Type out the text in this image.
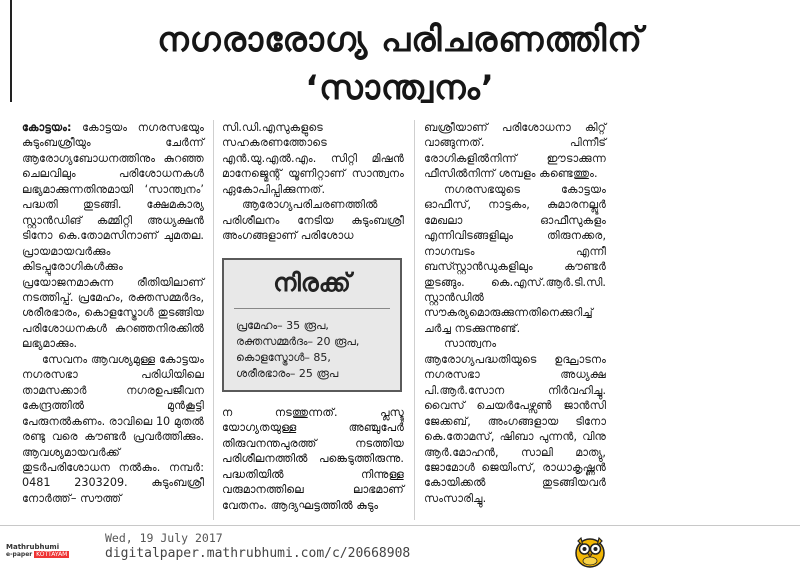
നഗരാരോഗ്യ പരിചരണത്തിന്
‘സാന്ത്വനം’

കോട്ടയം: കോട്ടയം നഗരസഭയും കുടുംബശ്രീയും ചേർന്ന് ആരോഗ്യബോധനത്തിനും കുറഞ്ഞ ചെലവിലും പരിശോധനകൾ ലഭ്യമാക്കുന്നതിനുമായി ‘സാന്ത്വനം’ പദ്ധതി തുടങ്ങി. ക്ഷേമകാര്യ സ്റ്റാൻഡിങ് കമ്മിറ്റി അധ്യക്ഷൻ ടിനോ കെ.തോമസിനാണ് ചുമതല. പ്രായമായവർക്കും കിടപ്പുരോഗികൾക്കും പ്രയോജനമാകുന്ന രീതിയിലാണ് നടത്തിപ്പ്. പ്രമേഹം, രക്തസമ്മർദം, ശരീരഭാരം, കൊളസ്ട്രോൾ തുടങ്ങിയ പരിശോധനകൾ കുറഞ്ഞനിരക്കിൽ ലഭ്യമാക്കും.

സേവനം ആവശ്യമുള്ള കോട്ടയം നഗരസഭാ പരിധിയിലെ താമസക്കാർ നഗരഉപജീവന കേന്ദ്രത്തിൽ മുൻകൂട്ടി പേരുനൽകണം. രാവിലെ 10 മുതൽ രണ്ടു വരെ കൗണ്ടർ പ്രവർത്തിക്കും. ആവശ്യമായവർക്ക് തുടർപരിശോധന നൽകും. നമ്പർ: 0481 2303209. കുടുംബശ്രീ നോർത്ത്– സൗത്ത്

സി.ഡി.എസുകളുടെ സഹകരണത്തോടെ എൻ.യു.എൽ.എം. സിറ്റി മിഷൻ മാനേജ്മെന്റ് യൂണിറ്റാണ് സാന്ത്വനം ഏകോപിപ്പിക്കുന്നത്.

ആരോഗ്യപരിചരണത്തിൽ പരിശീലനം നേടിയ കുടുംബശ്രീ അംഗങ്ങളാണ് പരിശോധ

നിരക്ക്
പ്രമേഹം– 35 രൂപ, രക്തസമ്മർദം– 20 രൂപ, കൊളസ്ട്രോൾ– 85, ശരീരഭാരം– 25 രൂപ

ന നടത്തുന്നത്. പ്ലസ്ടു യോഗ്യതയുള്ള അഞ്ചുപേർ തിരുവനന്തപുരത്ത് നടത്തിയ പരിശീലനത്തിൽ പങ്കെടുത്തിരുന്നു. പദ്ധതിയിൽ നിന്നുള്ള വരുമാനത്തിലെ ലാഭമാണ് വേതനം. ആദ്യഘട്ടത്തിൽ കുടും

ബശ്രീയാണ് പരിശോധനാ കിറ്റ് വാങ്ങുന്നത്. പിന്നീട് രോഗികളിൽനിന്ന് ഈടാക്കുന്ന ഫീസിൽനിന്ന് ശമ്പളം കണ്ടെത്തും.

നഗരസഭയുടെ കോട്ടയം ഓഫീസ്, നാട്ടകം, കുമാരനല്ലൂർ മേഖലാ ഓഫീസുകളം എന്നിവിടങ്ങളിലും തിരുനക്കര, നാഗമ്പടം എന്നീ ബസ്സ്റ്റാൻഡുകളിലും കൗണ്ടർ തുടങ്ങും. കെ.എസ്.ആർ.ടി.സി. സ്റ്റാൻഡിൽ സൗകര്യമൊരുക്കുന്നതിനെക്കുറിച്ച് ചർച്ച നടക്കുന്നുണ്ട്.

സാന്ത്വനം ആരോഗ്യപദ്ധതിയുടെ ഉദ്ഘാടനം നഗരസഭാ അധ്യക്ഷ പി.ആർ.സോന നിർവഹിച്ചു. വൈസ് ചെയർപേഴ്സൺ ജാൻസി ജേക്കബ്, അംഗങ്ങളായ ടിനോ കെ.തോമസ്, ഷിബാ പുന്നൻ, വിനു ആർ.മോഹൻ, സാലി മാത്യു, ജോമോൾ ജെയിംസ്, രാധാകൃഷ്ണൻ കോയിക്കൽ തുടങ്ങിയവർ സംസാരിച്ചു.

Mathrubhumi
e-paper KOTTAYAM
Wed, 19 July 2017
digitalpaper.mathrubhumi.com/c/20668908
